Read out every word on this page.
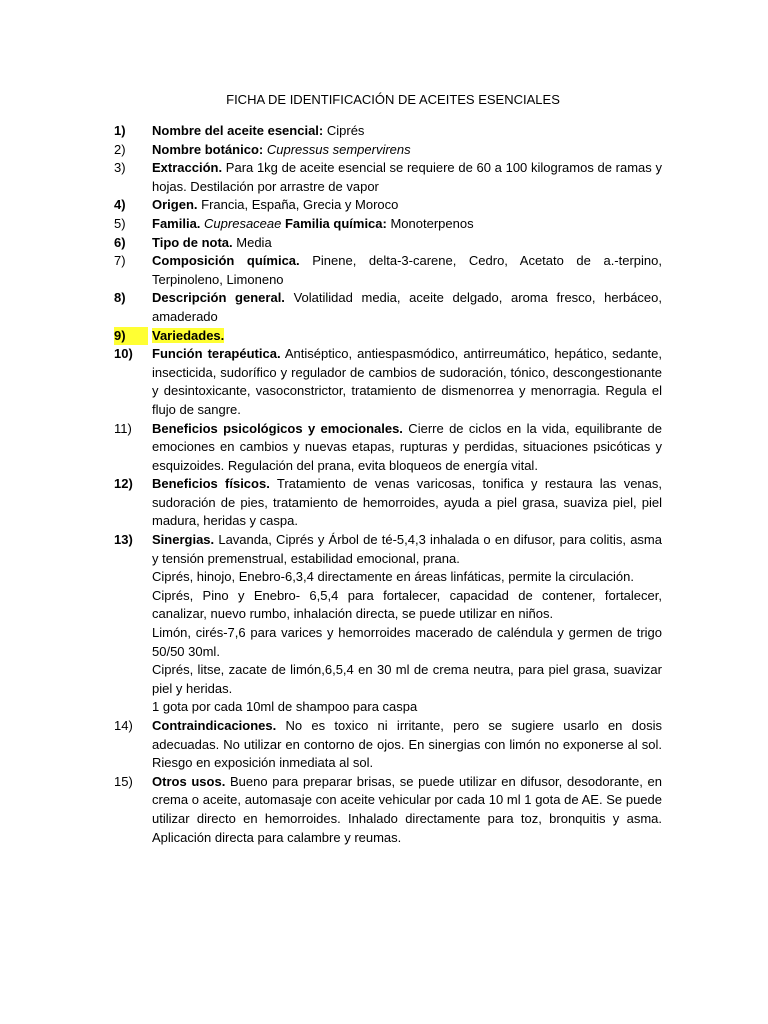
FICHA DE IDENTIFICACIÓN DE ACEITES ESENCIALES
1)	Nombre del aceite esencial: Ciprés
2)	Nombre botánico: Cupressus sempervirens
3)	Extracción. Para 1kg de aceite esencial se requiere de 60 a 100 kilogramos de ramas y hojas. Destilación por arrastre de vapor
4)	Origen. Francia, España, Grecia y Moroco
5)	Familia. Cupresaceae Familia química: Monoterpenos
6)	Tipo de nota. Media
7)	Composición química. Pinene, delta-3-carene, Cedro, Acetato de a.-terpino, Terpinoleno, Limoneno
8)	Descripción general. Volatilidad media, aceite delgado, aroma fresco, herbáceo, amaderado
9)	Variedades.
10)	Función terapéutica. Antiséptico, antiespasmódico, antirreumático, hepático, sedante, insecticida, sudorífico y regulador de cambios de sudoración, tónico, descongestionante y desintoxicante, vasoconstrictor, tratamiento de dismenorrea y menorragia. Regula el flujo de sangre.
11)	Beneficios psicológicos y emocionales. Cierre de ciclos en la vida, equilibrante de emociones en cambios y nuevas etapas, rupturas y perdidas, situaciones psicóticas y esquizoides. Regulación del prana, evita bloqueos de energía vital.
12)	Beneficios físicos. Tratamiento de venas varicosas, tonifica y restaura las venas, sudoración de pies, tratamiento de hemorroides, ayuda a piel grasa, suaviza piel, piel madura, heridas y caspa.
13)	Sinergias. Lavanda, Ciprés y Árbol de té-5,4,3 inhalada o en difusor, para colitis, asma y tensión premenstrual, estabilidad emocional, prana.
Ciprés, hinojo, Enebro-6,3,4 directamente en áreas linfáticas, permite la circulación.
Ciprés, Pino y Enebro- 6,5,4 para fortalecer, capacidad de contener, fortalecer, canalizar, nuevo rumbo, inhalación directa, se puede utilizar en niños.
Limón, cirés-7,6 para varices y hemorroides macerado de caléndula y germen de trigo 50/50 30ml.
Ciprés, litse, zacate de limón,6,5,4 en 30 ml de crema neutra, para piel grasa, suavizar piel y heridas.
1 gota por cada 10ml de shampoo para caspa
14)	Contraindicaciones. No es toxico ni irritante, pero se sugiere usarlo en dosis adecuadas. No utilizar en contorno de ojos. En sinergias con limón no exponerse al sol. Riesgo en exposición inmediata al sol.
15)	Otros usos. Bueno para preparar brisas, se puede utilizar en difusor, desodorante, en crema o aceite, automasaje con aceite vehicular por cada 10 ml 1 gota de AE. Se puede utilizar directo en hemorroides. Inhalado directamente para toz, bronquitis y asma. Aplicación directa para calambre y reumas.
